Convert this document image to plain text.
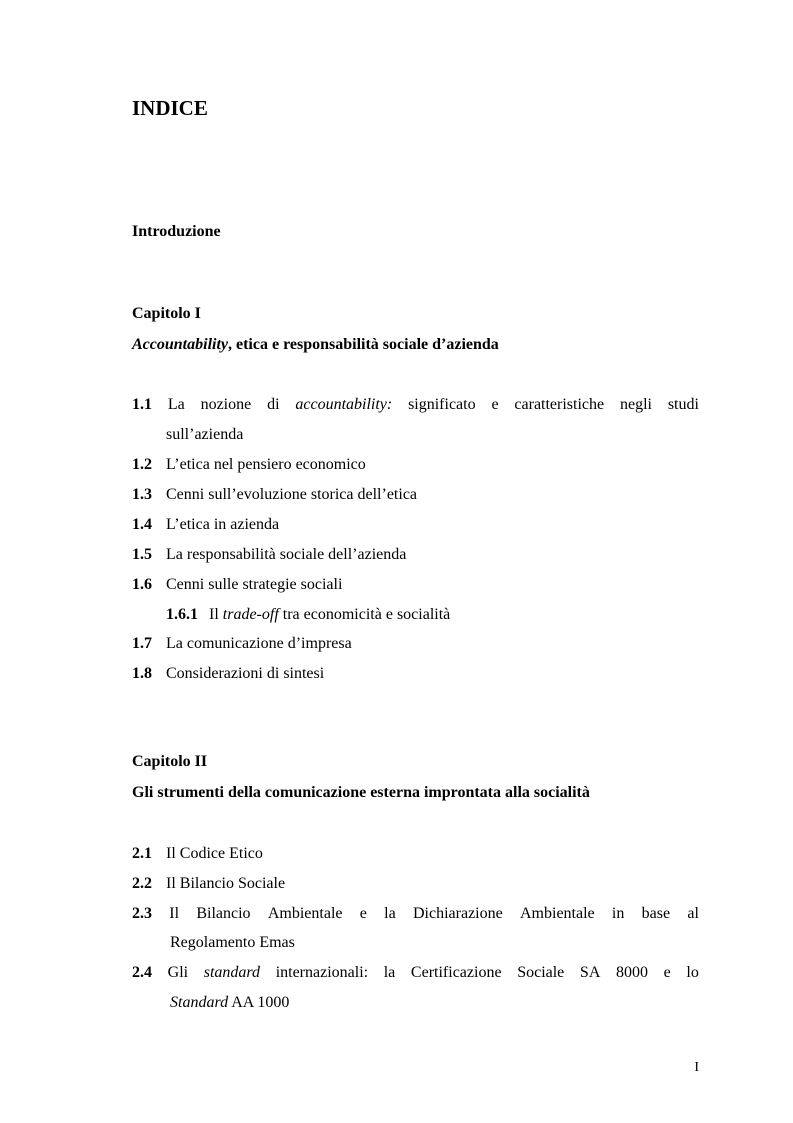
INDICE
Introduzione
Capitolo I
Accountability, etica e responsabilità sociale d’azienda
1.1 La nozione di accountability: significato e caratteristiche negli studi
sull’azienda
1.2 L’etica nel pensiero economico
1.3 Cenni sull’evoluzione storica dell’etica
1.4 L’etica in azienda
1.5 La responsabilità sociale dell’azienda
1.6 Cenni sulle strategie sociali
1.6.1 Il trade-off tra economicità e socialità
1.7 La comunicazione d’impresa
1.8 Considerazioni di sintesi
Capitolo II
Gli strumenti della comunicazione esterna improntata alla socialità
2.1 Il Codice Etico
2.2 Il Bilancio Sociale
2.3 Il Bilancio Ambientale e la Dichiarazione Ambientale in base al
Regolamento Emas
2.4 Gli standard internazionali: la Certificazione Sociale SA 8000 e lo
Standard AA 1000
I
